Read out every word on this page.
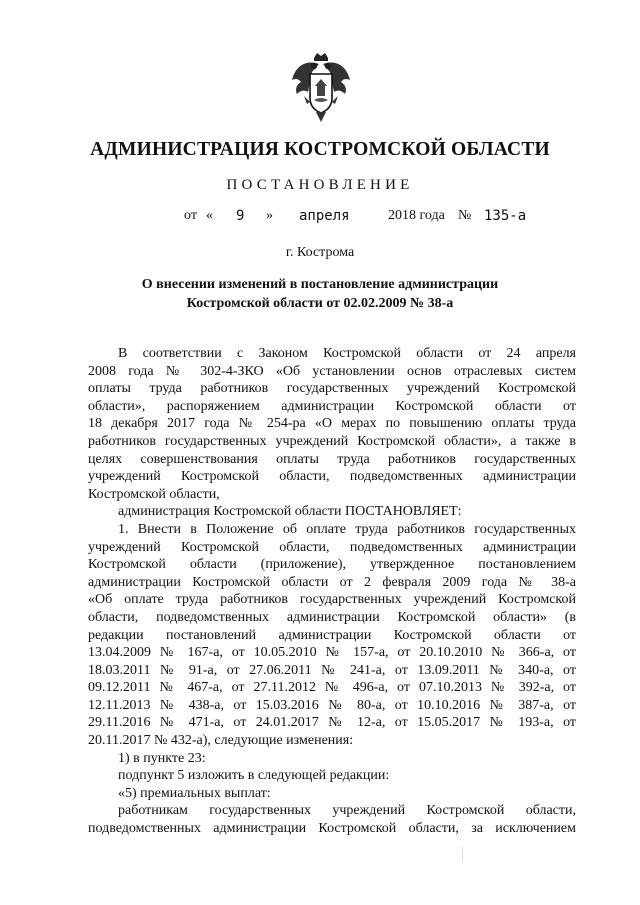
АДМИНИСТРАЦИЯ КОСТРОМСКОЙ ОБЛАСТИ
ПОСТАНОВЛЕНИЕ
от « 9 » апреля	2018 года № 135-а
г. Кострома
О внесении изменений в постановление администрации
Костромской области от 02.02.2009 № 38-а
В соответствии с Законом Костромской области от 24 апреля
2008 года № 302-4-ЗКО «Об установлении основ отраслевых систем
оплаты труда работников государственных учреждений Костромской
области», распоряжением администрации Костромской области от
18 декабря 2017 года № 254-ра «О мерах по повышению оплаты труда
работников государственных учреждений Костромской области», а также в
целях совершенствования оплаты труда работников государственных
учреждений Костромской области, подведомственных администрации
Костромской области,
администрация Костромской области ПОСТАНОВЛЯЕТ:
1. Внести в Положение об оплате труда работников государственных
учреждений Костромской области, подведомственных администрации
Костромской области (приложение), утвержденное постановлением
администрации Костромской области от 2 февраля 2009 года № 38-а
«Об оплате труда работников государственных учреждений Костромской
области, подведомственных администрации Костромской области» (в
редакции постановлений администрации Костромской области от
13.04.2009 № 167-а, от 10.05.2010 № 157-а, от 20.10.2010 № 366-а, от
18.03.2011 № 91-а, от 27.06.2011 № 241-а, от 13.09.2011 № 340-а, от
09.12.2011 № 467-а, от 27.11.2012 № 496-а, от 07.10.2013 № 392-а, от
12.11.2013 № 438-а, от 15.03.2016 № 80-а, от 10.10.2016 № 387-а, от
29.11.2016 № 471-а, от 24.01.2017 № 12-а, от 15.05.2017 № 193-а, от
20.11.2017 № 432-а), следующие изменения:
1) в пункте 23:
подпункт 5 изложить в следующей редакции:
«5) премиальных выплат:
работникам государственных учреждений Костромской области,
подведомственных администрации Костромской области, за исключением
